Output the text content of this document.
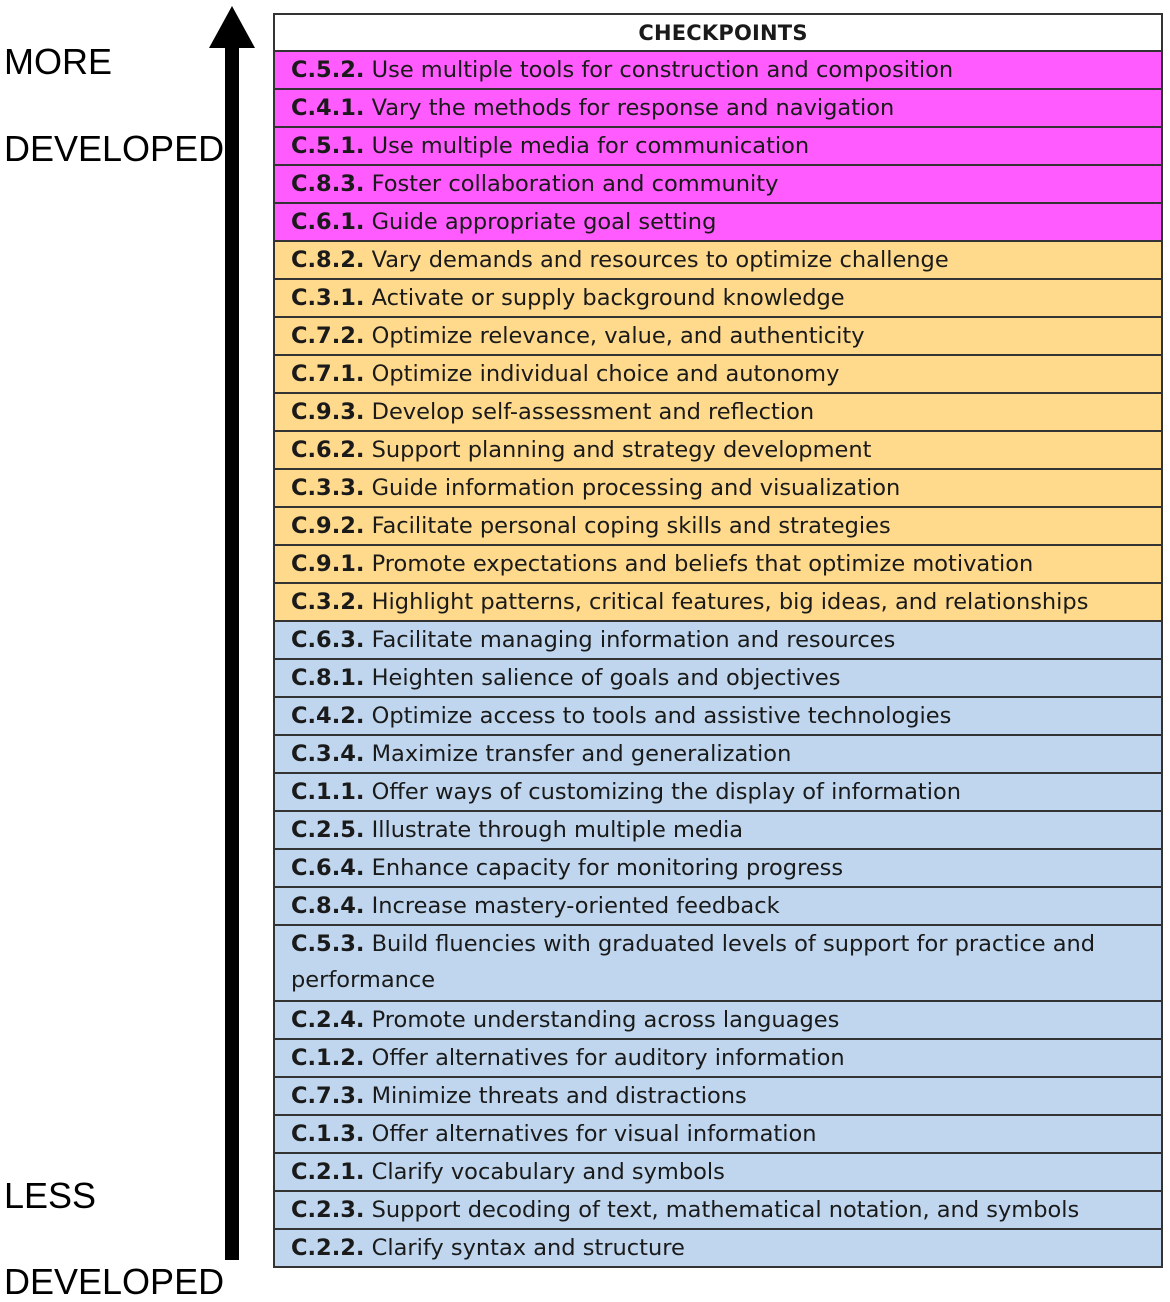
MORE
DEVELOPED
LESS
DEVELOPED
CHECKPOINTS
C.5.2. Use multiple tools for construction and composition
C.4.1. Vary the methods for response and navigation
C.5.1. Use multiple media for communication
C.8.3. Foster collaboration and community
C.6.1. Guide appropriate goal setting
C.8.2. Vary demands and resources to optimize challenge
C.3.1. Activate or supply background knowledge
C.7.2. Optimize relevance, value, and authenticity
C.7.1. Optimize individual choice and autonomy
C.9.3. Develop self-assessment and reflection
C.6.2. Support planning and strategy development
C.3.3. Guide information processing and visualization
C.9.2. Facilitate personal coping skills and strategies
C.9.1. Promote expectations and beliefs that optimize motivation
C.3.2. Highlight patterns, critical features, big ideas, and relationships
C.6.3. Facilitate managing information and resources
C.8.1. Heighten salience of goals and objectives
C.4.2. Optimize access to tools and assistive technologies
C.3.4. Maximize transfer and generalization
C.1.1. Offer ways of customizing the display of information
C.2.5. Illustrate through multiple media
C.6.4. Enhance capacity for monitoring progress
C.8.4. Increase mastery-oriented feedback
C.5.3. Build fluencies with graduated levels of support for practice and performance
C.2.4. Promote understanding across languages
C.1.2. Offer alternatives for auditory information
C.7.3. Minimize threats and distractions
C.1.3. Offer alternatives for visual information
C.2.1. Clarify vocabulary and symbols
C.2.3. Support decoding of text, mathematical notation, and symbols
C.2.2. Clarify syntax and structure
